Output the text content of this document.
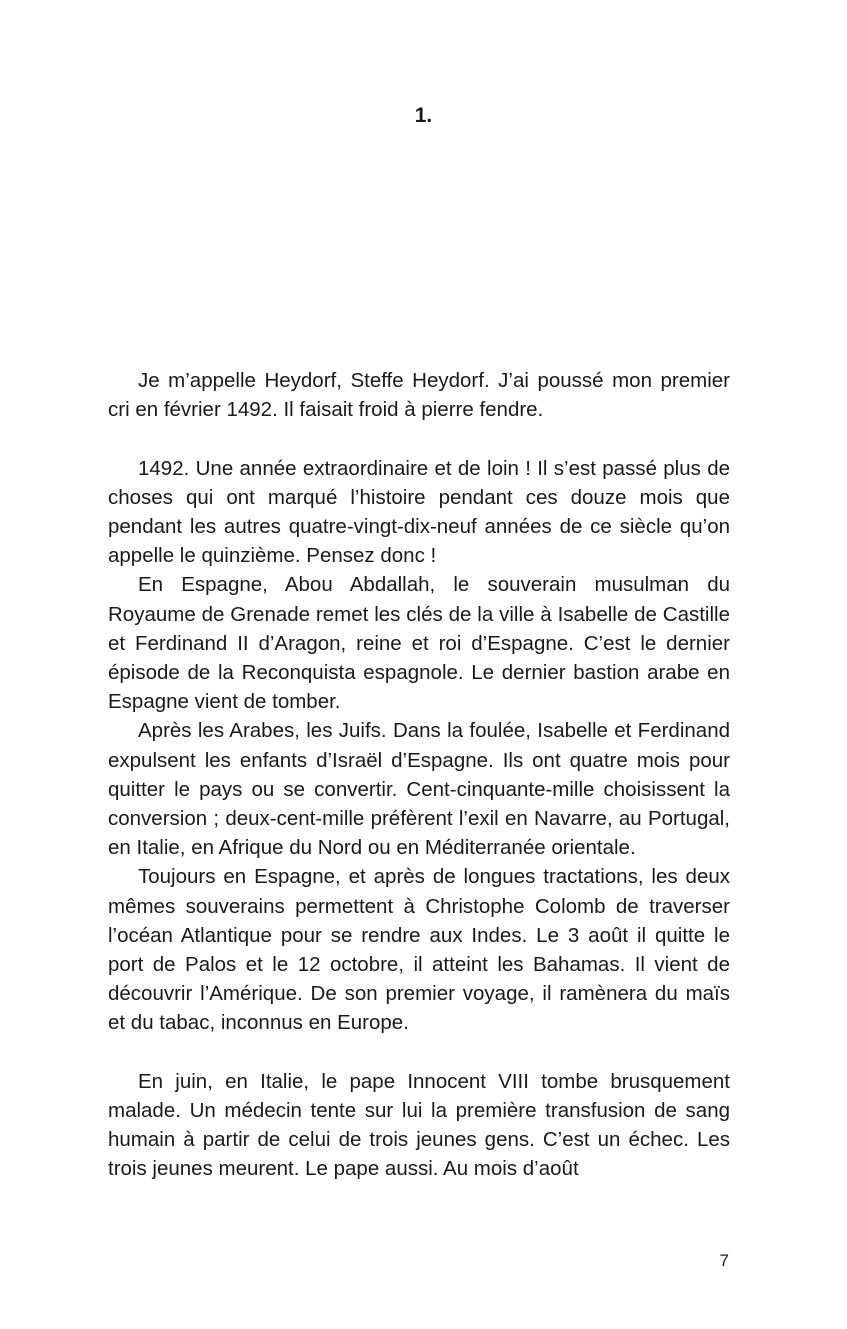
1.

Je m’appelle Heydorf, Steffe Heydorf. J’ai poussé mon premier cri en février 1492. Il faisait froid à pierre fendre.

1492. Une année extraordinaire et de loin ! Il s’est passé plus de choses qui ont marqué l’histoire pendant ces douze mois que pendant les autres quatre-vingt-dix-neuf années de ce siècle qu’on appelle le quinzième. Pensez donc !

En Espagne, Abou Abdallah, le souverain musulman du Royaume de Grenade remet les clés de la ville à Isabelle de Castille et Ferdinand II d’Aragon, reine et roi d’Espagne. C’est le dernier épisode de la Reconquista espagnole. Le dernier bastion arabe en Espagne vient de tomber.

Après les Arabes, les Juifs. Dans la foulée, Isabelle et Ferdinand expulsent les enfants d’Israël d’Espagne. Ils ont quatre mois pour quitter le pays ou se convertir. Cent-cinquante-mille choisissent la conversion ; deux-cent-mille préfèrent l’exil en Navarre, au Portugal, en Italie, en Afrique du Nord ou en Méditerranée orientale.

Toujours en Espagne, et après de longues tractations, les deux mêmes souverains permettent à Christophe Colomb de traverser l’océan Atlantique pour se rendre aux Indes. Le 3 août il quitte le port de Palos et le 12 octobre, il atteint les Bahamas. Il vient de découvrir l’Amérique. De son premier voyage, il ramènera du maïs et du tabac, inconnus en Europe.

En juin, en Italie, le pape Innocent VIII tombe brusquement malade. Un médecin tente sur lui la première transfusion de sang humain à partir de celui de trois jeunes gens. C’est un échec. Les trois jeunes meurent. Le pape aussi. Au mois d’août

7
